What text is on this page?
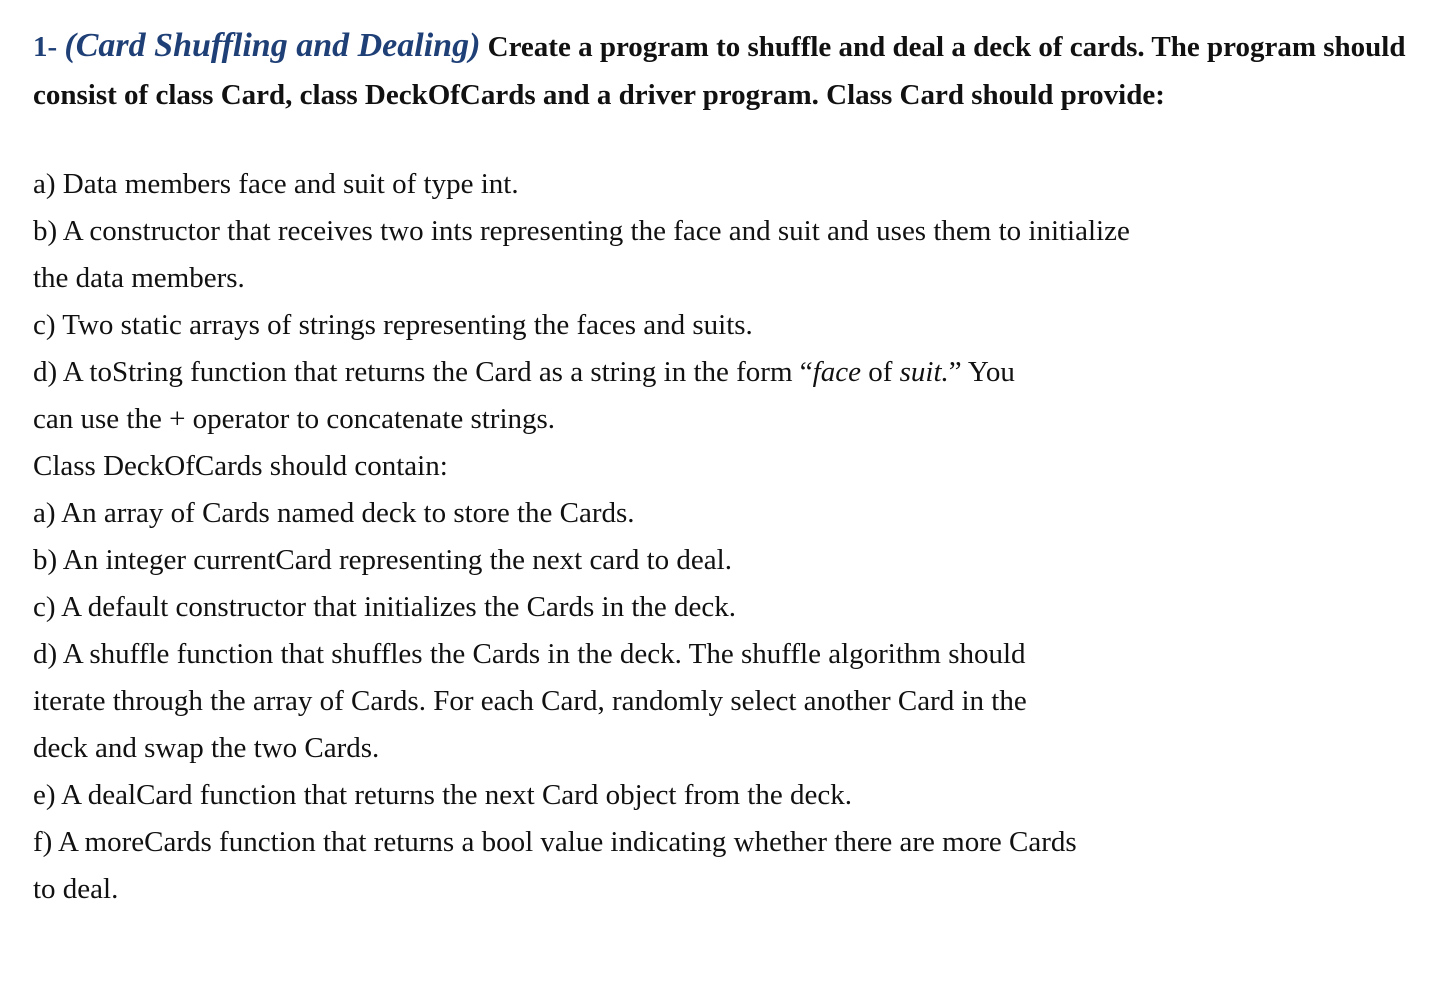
1- (Card Shuffling and Dealing) Create a program to shuffle and deal a deck of cards. The program should consist of class Card, class DeckOfCards and a driver program. Class Card should provide:

a) Data members face and suit of type int.

b) A constructor that receives two ints representing the face and suit and uses them to initialize

the data members.

c) Two static arrays of strings representing the faces and suits.

d) A toString function that returns the Card as a string in the form “face of suit.” You

can use the + operator to concatenate strings.

Class DeckOfCards should contain:

a) An array of Cards named deck to store the Cards.

b) An integer currentCard representing the next card to deal.

c) A default constructor that initializes the Cards in the deck.

d) A shuffle function that shuffles the Cards in the deck. The shuffle algorithm should

iterate through the array of Cards. For each Card, randomly select another Card in the

deck and swap the two Cards.

e) A dealCard function that returns the next Card object from the deck.

f) A moreCards function that returns a bool value indicating whether there are more Cards

to deal.
